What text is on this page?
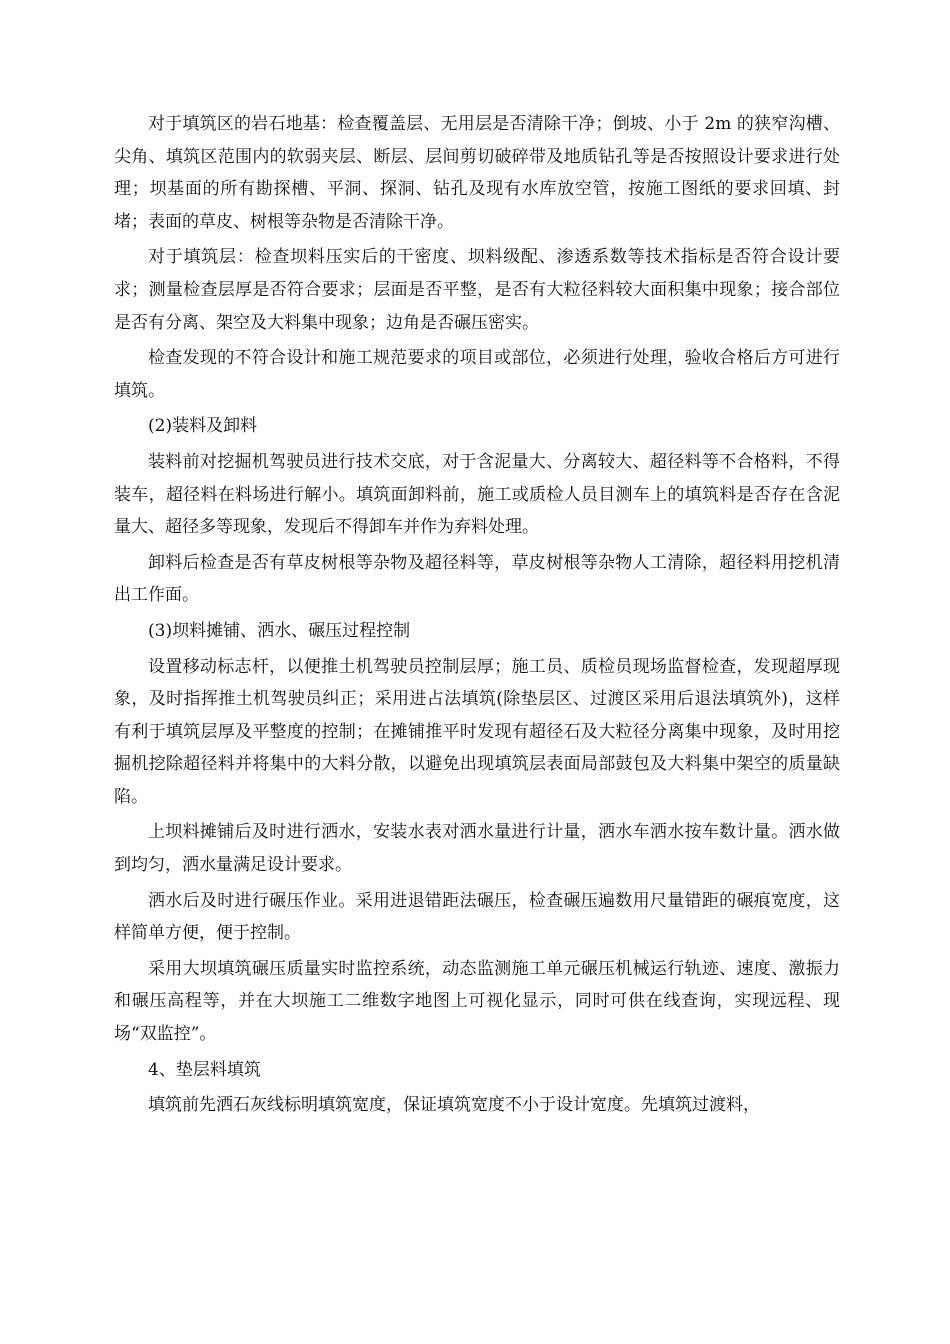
对于填筑区的岩石地基：检查覆盖层、无用层是否清除干净；倒坡、小于 2m 的狭窄沟槽、尖角、填筑区范围内的软弱夹层、断层、层间剪切破碎带及地质钻孔等是否按照设计要求进行处理；坝基面的所有勘探槽、平洞、探洞、钻孔及现有水库放空管，按施工图纸的要求回填、封堵；表面的草皮、树根等杂物是否清除干净。

对于填筑层：检查坝料压实后的干密度、坝料级配、渗透系数等技术指标是否符合设计要求；测量检查层厚是否符合要求；层面是否平整，是否有大粒径料较大面积集中现象；接合部位是否有分离、架空及大料集中现象；边角是否碾压密实。

检查发现的不符合设计和施工规范要求的项目或部位，必须进行处理，验收合格后方可进行填筑。

(2)装料及卸料

装料前对挖掘机驾驶员进行技术交底，对于含泥量大、分离较大、超径料等不合格料，不得装车，超径料在料场进行解小。填筑面卸料前，施工或质检人员目测车上的填筑料是否存在含泥量大、超径多等现象，发现后不得卸车并作为弃料处理。

卸料后检查是否有草皮树根等杂物及超径料等，草皮树根等杂物人工清除，超径料用挖机清出工作面。

(3)坝料摊铺、洒水、碾压过程控制

设置移动标志杆，以便推土机驾驶员控制层厚；施工员、质检员现场监督检查，发现超厚现象，及时指挥推土机驾驶员纠正；采用进占法填筑(除垫层区、过渡区采用后退法填筑外)，这样有利于填筑层厚及平整度的控制；在摊铺推平时发现有超径石及大粒径分离集中现象，及时用挖掘机挖除超径料并将集中的大料分散，以避免出现填筑层表面局部鼓包及大料集中架空的质量缺陷。

上坝料摊铺后及时进行洒水，安装水表对洒水量进行计量，洒水车洒水按车数计量。洒水做到均匀，洒水量满足设计要求。

洒水后及时进行碾压作业。采用进退错距法碾压，检查碾压遍数用尺量错距的碾痕宽度，这样简单方便，便于控制。

采用大坝填筑碾压质量实时监控系统，动态监测施工单元碾压机械运行轨迹、速度、激振力和碾压高程等，并在大坝施工二维数字地图上可视化显示，同时可供在线查询，实现远程、现场“双监控”。

4、垫层料填筑

填筑前先洒石灰线标明填筑宽度，保证填筑宽度不小于设计宽度。先填筑过渡料，
